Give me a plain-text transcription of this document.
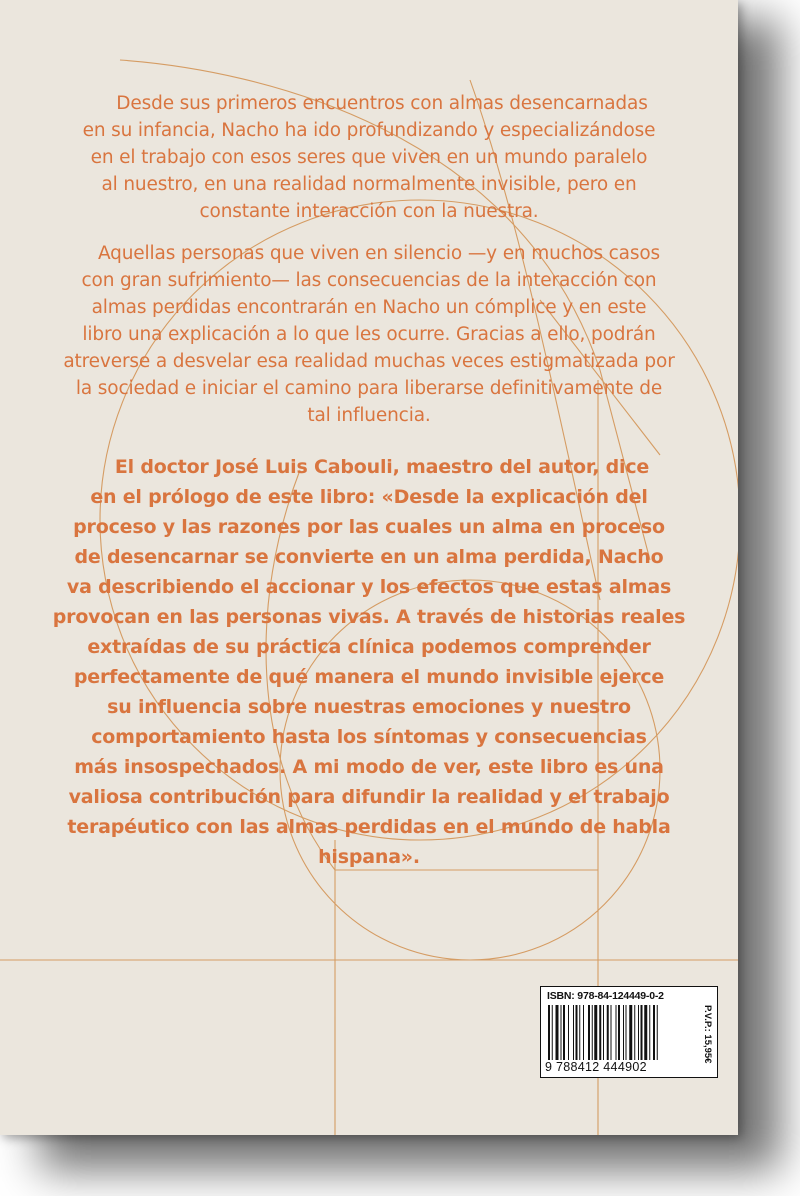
Desde sus primeros encuentros con almas desencarnadas
en su infancia, Nacho ha ido profundizando y especializándose
en el trabajo con esos seres que viven en un mundo paralelo
al nuestro, en una realidad normalmente invisible, pero en
constante interacción con la nuestra.
Aquellas personas que viven en silencio —y en muchos casos
con gran sufrimiento— las consecuencias de la interacción con
almas perdidas encontrarán en Nacho un cómplice y en este
libro una explicación a lo que les ocurre. Gracias a ello, podrán
atreverse a desvelar esa realidad muchas veces estigmatizada por
la sociedad e iniciar el camino para liberarse definitivamente de
tal influencia.
El doctor José Luis Cabouli, maestro del autor, dice
en el prólogo de este libro: «Desde la explicación del
proceso y las razones por las cuales un alma en proceso
de desencarnar se convierte en un alma perdida, Nacho
va describiendo el accionar y los efectos que estas almas
provocan en las personas vivas. A través de historias reales
extraídas de su práctica clínica podemos comprender
perfectamente de qué manera el mundo invisible ejerce
su influencia sobre nuestras emociones y nuestro
comportamiento hasta los síntomas y consecuencias
más insospechados. A mi modo de ver, este libro es una
valiosa contribución para difundir la realidad y el trabajo
terapéutico con las almas perdidas en el mundo de habla
hispana».
ISBN: 978-84-124449-0-2
9 788412 444902
P.V.P.: 15,95€
